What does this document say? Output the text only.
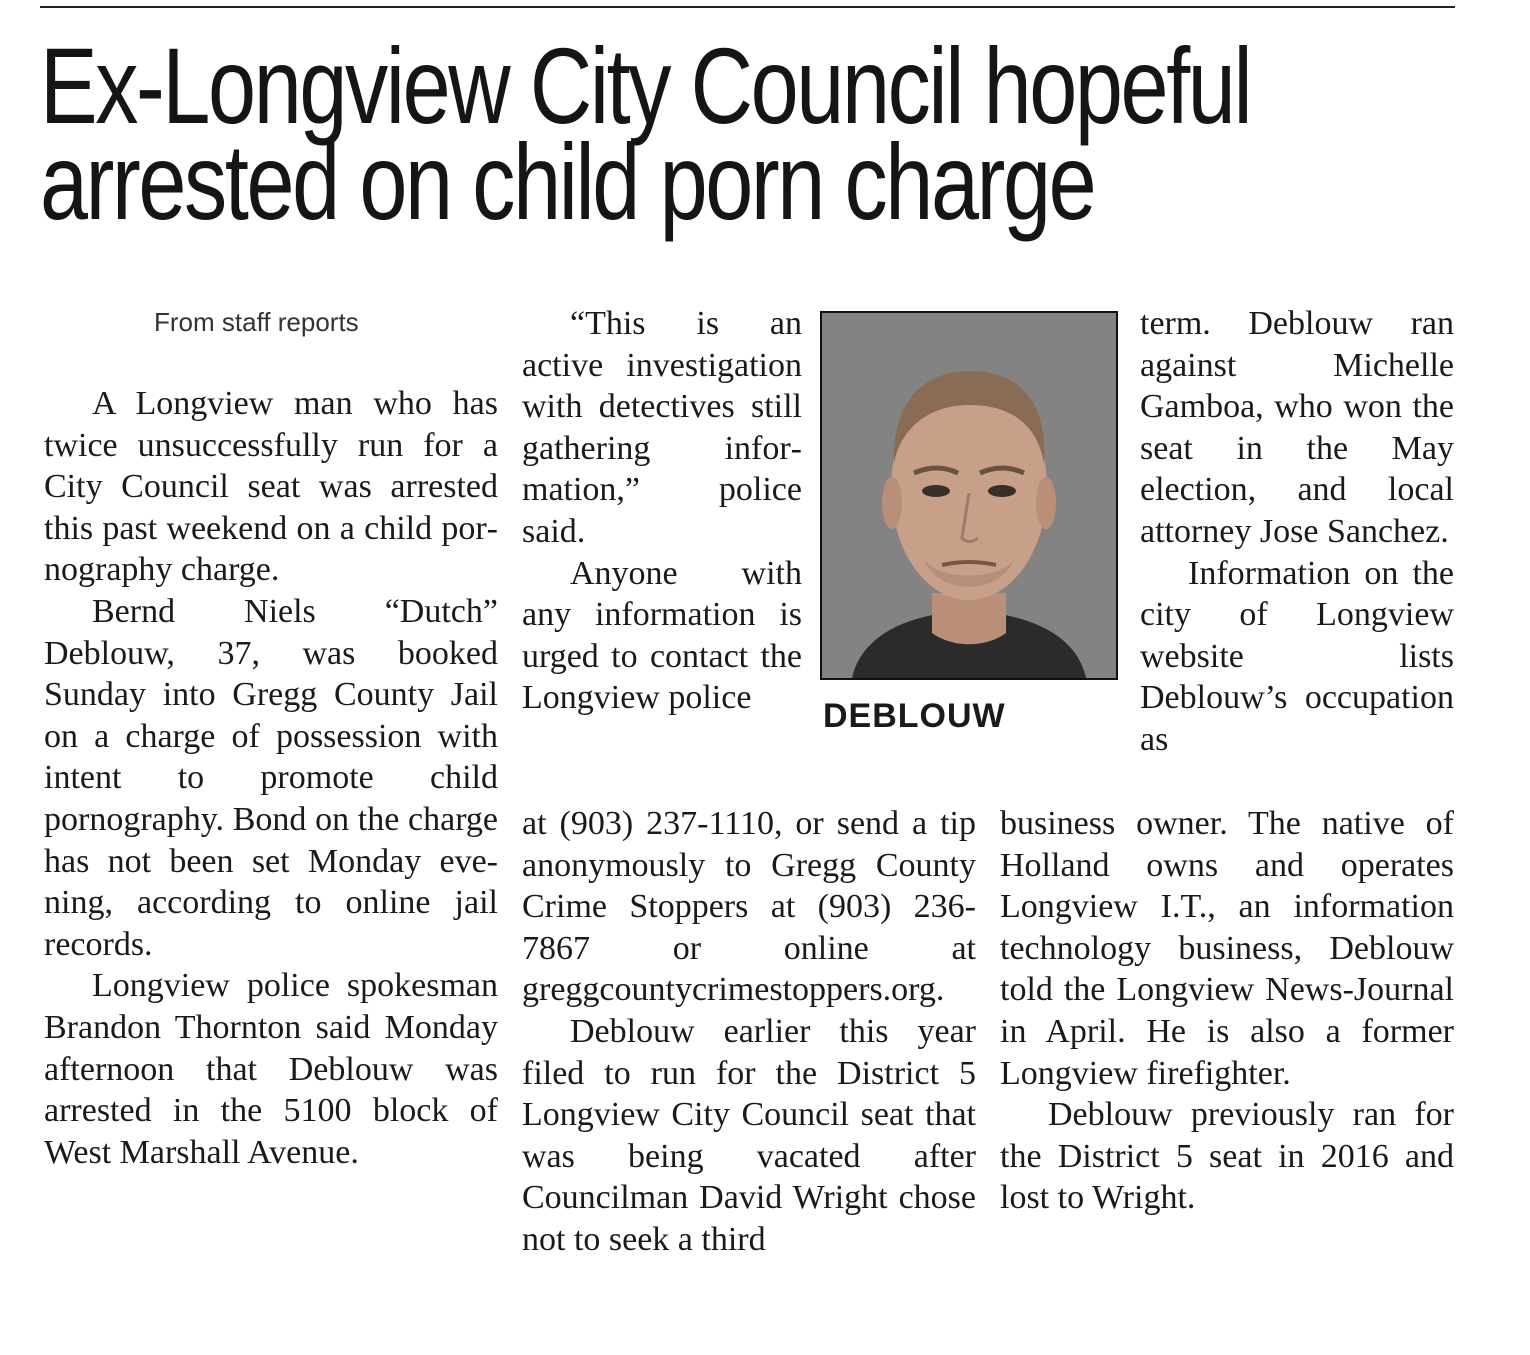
Ex-Longview City Council hopeful
arrested on child porn charge
From staff reports

A Longview man who has twice unsuccessfully run for a City Council seat was arrested this past weekend on a child pornography charge.

Bernd Niels “Dutch” Deblouw, 37, was booked Sunday into Gregg County Jail on a charge of possession with intent to promote child pornography. Bond on the charge has not been set Monday evening, according to online jail records.

Longview police spokesman Brandon Thornton said Monday afternoon that Deblouw was arrested in the 5100 block of West Marshall Avenue.

“This is an active investigation with detectives still gathering information,” police said.

Anyone with any information is urged to contact the Longview police

at (903) 237-1110, or send a tip anonymously to Gregg County Crime Stoppers at (903) 236-7867 or online at greggcountycrimestoppers.org.

Deblouw earlier this year filed to run for the District 5 Longview City Council seat that was being vacated after Councilman David Wright chose not to seek a third

DEBLOUW

term. Deblouw ran against Michelle Gamboa, who won the seat in the May election, and local attorney Jose Sanchez.

Information on the city of Longview website lists Deblouw’s occupation as

business owner. The native of Holland owns and operates Longview I.T., an information technology business, Deblouw told the Longview News-Journal in April. He is also a former Longview firefighter.

Deblouw previously ran for the District 5 seat in 2016 and lost to Wright.
